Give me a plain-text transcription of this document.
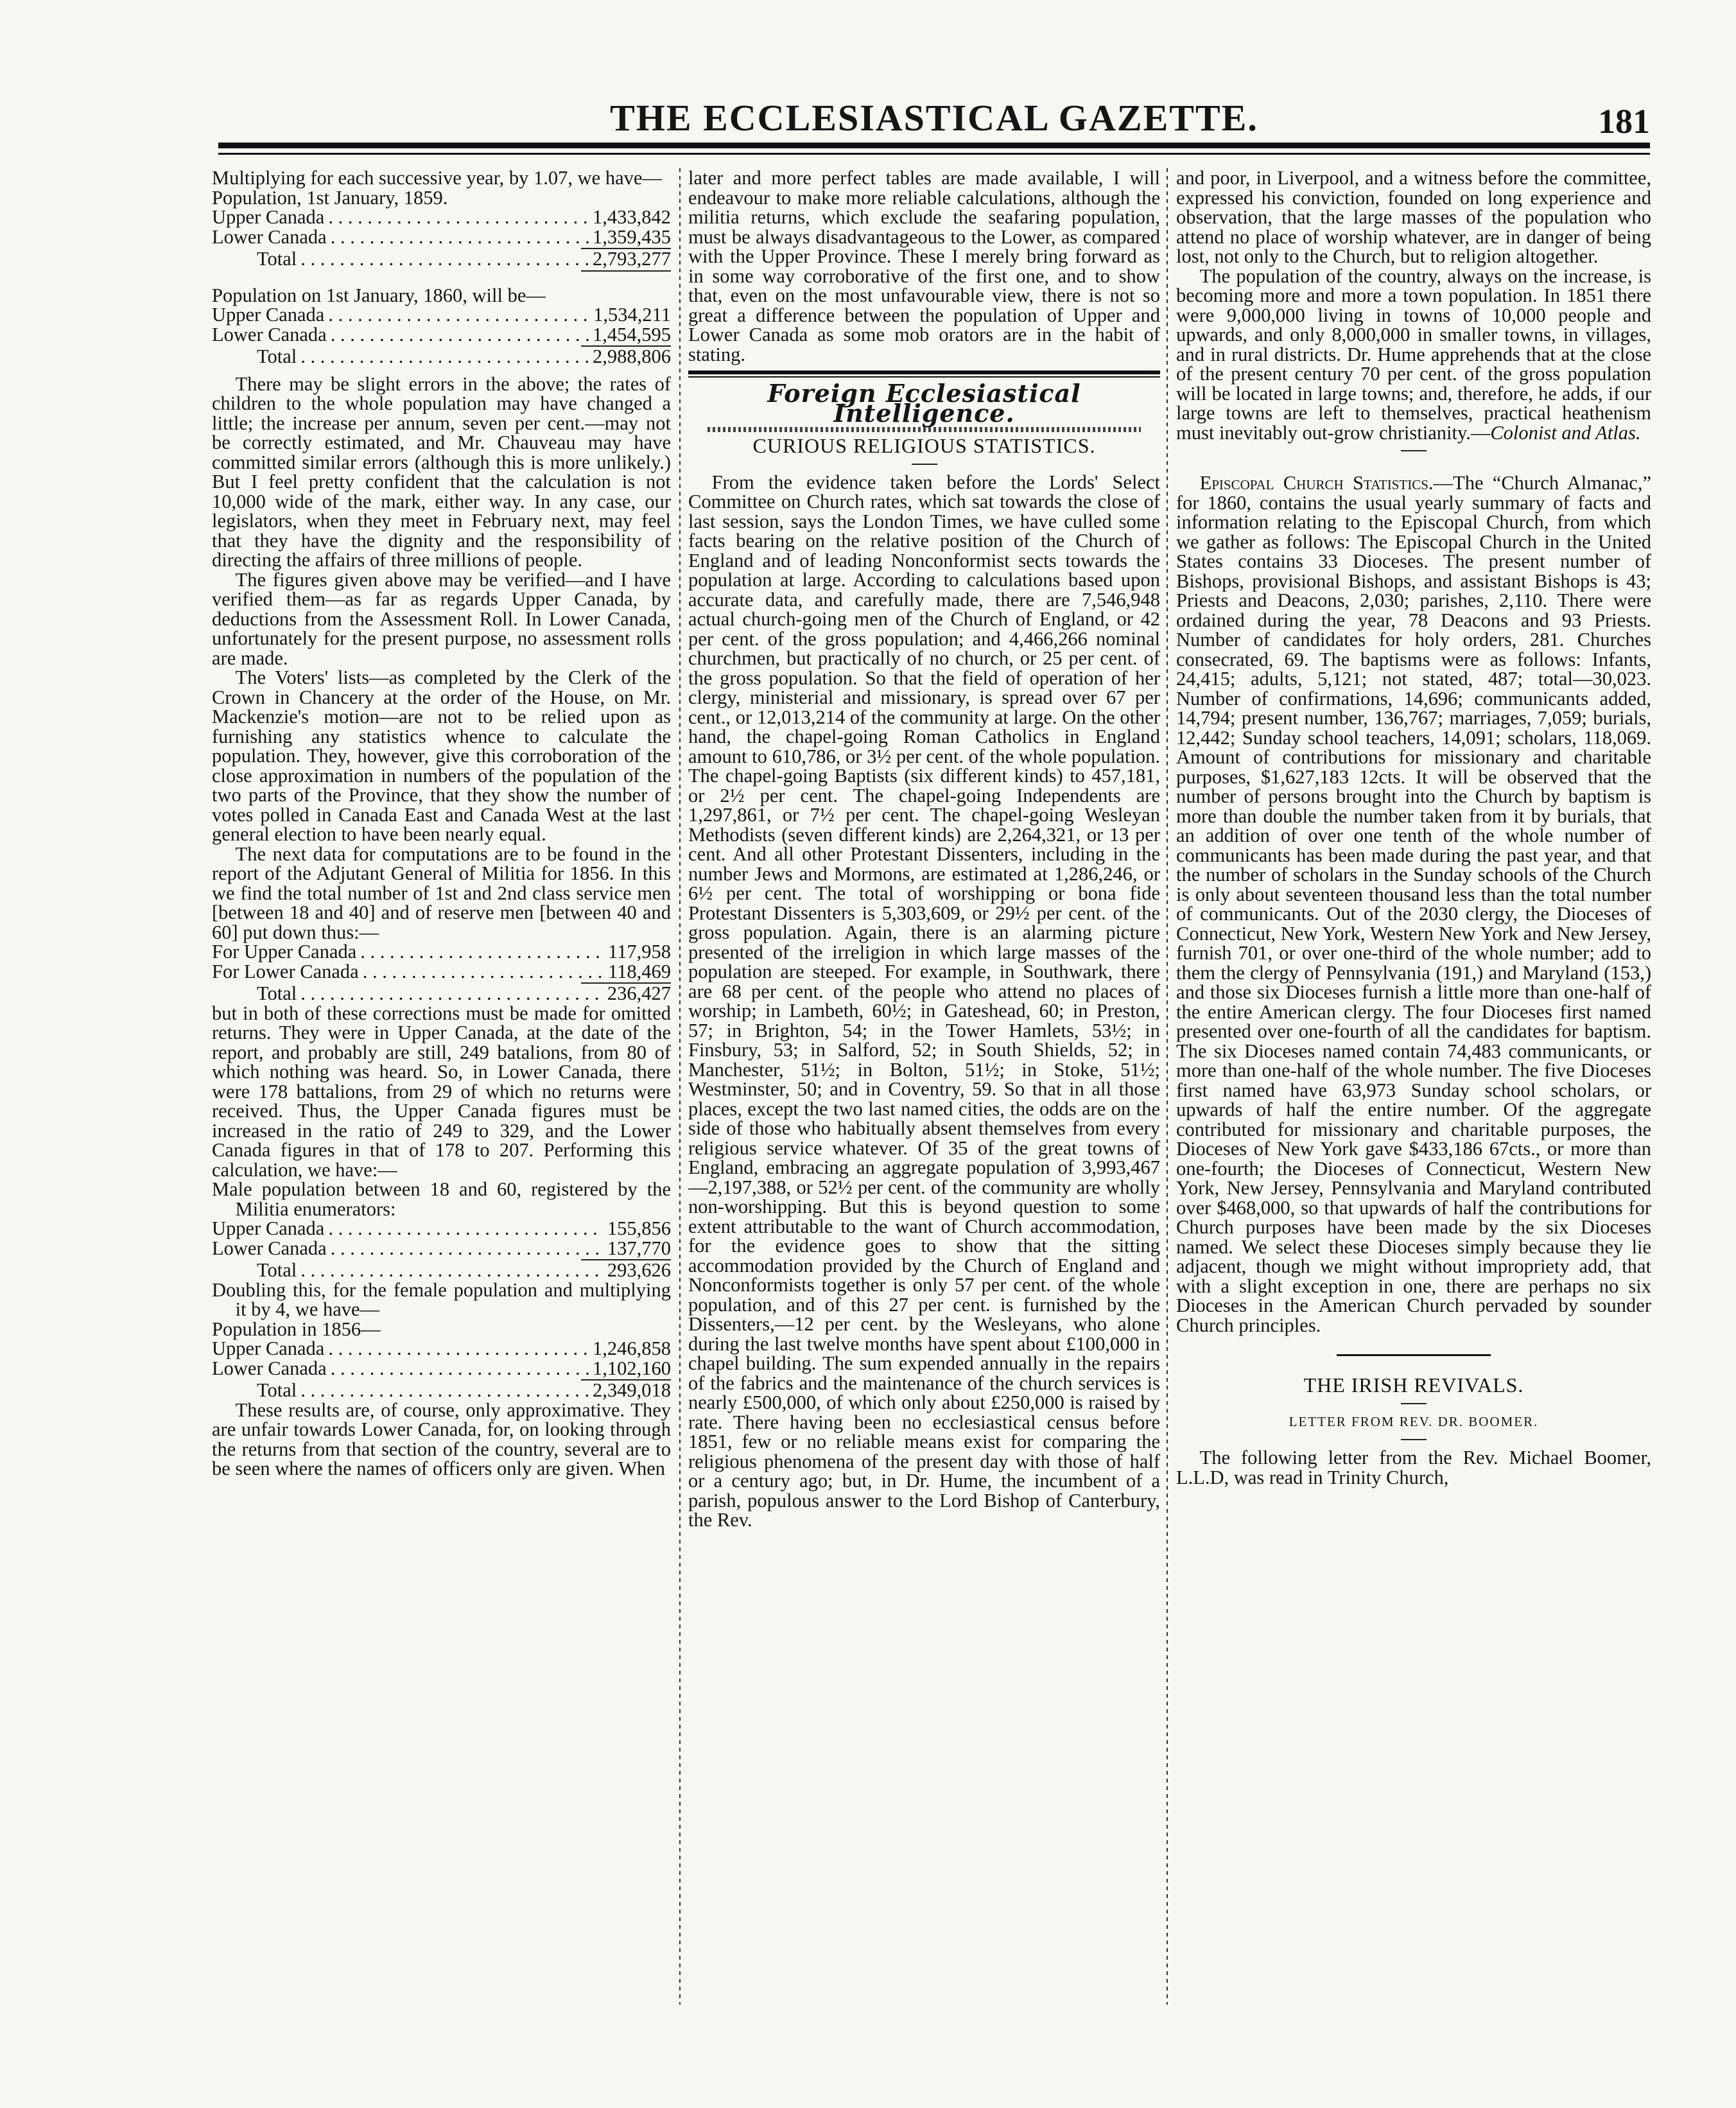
THE ECCLESIASTICAL GAZETTE.	181

Multiplying for each successive year, by 1.07, we have—

Population, 1st January, 1859.

Upper Canada . . .	1,433,842
Lower Canada . . .	1,359,435
Total . . .	2,793,277

Population on 1st January, 1860, will be—

Upper Canada . . .	1,534,211
Lower Canada . . .	1,454,595
Total . . .	2,988,806

There may be slight errors in the above; the rates of children to the whole population may have changed a little; the increase per annum, seven per cent.—may not be correctly estimated, and Mr. Chauveau may have committed similar errors (although this is more unlikely.) But I feel pretty confident that the calculation is not 10,000 wide of the mark, either way. In any case, our legislators, when they meet in February next, may feel that they have the dignity and the responsibility of directing the affairs of three millions of people.

The figures given above may be verified—and I have verified them—as far as regards Upper Canada, by deductions from the Assessment Roll. In Lower Canada, unfortunately for the present purpose, no assessment rolls are made.

The Voters' lists—as completed by the Clerk of the Crown in Chancery at the order of the House, on Mr. Mackenzie's motion—are not to be relied upon as furnishing any statistics whence to calculate the population. They, however, give this corroboration of the close approximation in numbers of the population of the two parts of the Province, that they show the number of votes polled in Canada East and Canada West at the last general election to have been nearly equal.

The next data for computations are to be found in the report of the Adjutant General of Militia for 1856. In this we find the total number of 1st and 2nd class service men [between 18 and 40] and of reserve men [between 40 and 60] put down thus:—

For Upper Canada . . .	117,958
For Lower Canada . . .	118,469
Total . . .	236,427

but in both of these corrections must be made for omitted returns. They were in Upper Canada, at the date of the report, and probably are still, 249 batalions, from 80 of which nothing was heard. So, in Lower Canada, there were 178 battalions, from 29 of which no returns were received. Thus, the Upper Canada figures must be increased in the ratio of 249 to 329, and the Lower Canada figures in that of 178 to 207. Performing this calculation, we have:—

Male population between 18 and 60, registered by the Militia enumerators:

Upper Canada . . .	155,856
Lower Canada . . .	137,770
Total . . .	293,626

Doubling this, for the female population and multiplying it by 4, we have—

Population in 1856—

Upper Canada . . .	1,246,858
Lower Canada . . .	1,102,160
Total . . .	2,349,018

These results are, of course, only approximative. They are unfair towards Lower Canada, for, on looking through the returns from that section of the country, several are to be seen where the names of officers only are given. When

later and more perfect tables are made available, I will endeavour to make more reliable calculations, although the militia returns, which exclude the seafaring population, must be always disadvantageous to the Lower, as compared with the Upper Province. These I merely bring forward as in some way corroborative of the first one, and to show that, even on the most unfavourable view, there is not so great a difference between the population of Upper and Lower Canada as some mob orators are in the habit of stating.

Foreign Ecclesiastical Intelligence.
CURIOUS RELIGIOUS STATISTICS.

From the evidence taken before the Lords' Select Committee on Church rates, which sat towards the close of last session, says the London Times, we have culled some facts bearing on the relative position of the Church of England and of leading Nonconformist sects towards the population at large. According to calculations based upon accurate data, and carefully made, there are 7,546,948 actual church-going men of the Church of England, or 42 per cent. of the gross population; and 4,466,266 nominal churchmen, but practically of no church, or 25 per cent. of the gross population. So that the field of operation of her clergy, ministerial and missionary, is spread over 67 per cent., or 12,013,214 of the community at large. On the other hand, the chapel-going Roman Catholics in England amount to 610,786, or 3½ per cent. of the whole population. The chapel-going Baptists (six different kinds) to 457,181, or 2½ per cent. The chapel-going Independents are 1,297,861, or 7½ per cent. The chapel-going Wesleyan Methodists (seven different kinds) are 2,264,321, or 13 per cent. And all other Protestant Dissenters, including in the number Jews and Mormons, are estimated at 1,286,246, or 6½ per cent. The total of worshipping or bona fide Protestant Dissenters is 5,303,609, or 29½ per cent. of the gross population. Again, there is an alarming picture presented of the irreligion in which large masses of the population are steeped. For example, in Southwark, there are 68 per cent. of the people who attend no places of worship; in Lambeth, 60½; in Gateshead, 60; in Preston, 57; in Brighton, 54; in the Tower Hamlets, 53½; in Finsbury, 53; in Salford, 52; in South Shields, 52; in Manchester, 51½; in Bolton, 51½; in Stoke, 51½; Westminster, 50; and in Coventry, 59. So that in all those places, except the two last named cities, the odds are on the side of those who habitually absent themselves from every religious service whatever. Of 35 of the great towns of England, embracing an aggregate population of 3,993,467—2,197,388, or 52½ per cent. of the community are wholly non-worshipping. But this is beyond question to some extent attributable to the want of Church accommodation, for the evidence goes to show that the sitting accommodation provided by the Church of England and Nonconformists together is only 57 per cent. of the whole population, and of this 27 per cent. is furnished by the Dissenters,—12 per cent. by the Wesleyans, who alone during the last twelve months have spent about £100,000 in chapel building. The sum expended annually in the repairs of the fabrics and the maintenance of the church services is nearly £500,000, of which only about £250,000 is raised by rate. There having been no ecclesiastical census before 1851, few or no reliable means exist for comparing the religious phenomena of the present day with those of half or a century ago; but, in Dr. Hume, the incumbent of a parish, populous answer to the Lord Bishop of Canterbury, the Rev.

and poor, in Liverpool, and a witness before the committee, expressed his conviction, founded on long experience and observation, that the large masses of the population who attend no place of worship whatever, are in danger of being lost, not only to the Church, but to religion altogether.

The population of the country, always on the increase, is becoming more and more a town population. In 1851 there were 9,000,000 living in towns of 10,000 people and upwards, and only 8,000,000 in smaller towns, in villages, and in rural districts. Dr. Hume apprehends that at the close of the present century 70 per cent. of the gross population will be located in large towns; and, therefore, he adds, if our large towns are left to themselves, practical heathenism must inevitably out-grow christianity.—Colonist and Atlas.

Episcopal Church Statistics.—The “Church Almanac,” for 1860, contains the usual yearly summary of facts and information relating to the Episcopal Church, from which we gather as follows: The Episcopal Church in the United States contains 33 Dioceses. The present number of Bishops, provisional Bishops, and assistant Bishops is 43; Priests and Deacons, 2,030; parishes, 2,110. There were ordained during the year, 78 Deacons and 93 Priests. Number of candidates for holy orders, 281. Churches consecrated, 69. The baptisms were as follows: Infants, 24,415; adults, 5,121; not stated, 487; total—30,023. Number of confirmations, 14,696; communicants added, 14,794; present number, 136,767; marriages, 7,059; burials, 12,442; Sunday school teachers, 14,091; scholars, 118,069. Amount of contributions for missionary and charitable purposes, $1,627,183 12cts. It will be observed that the number of persons brought into the Church by baptism is more than double the number taken from it by burials, that an addition of over one tenth of the whole number of communicants has been made during the past year, and that the number of scholars in the Sunday schools of the Church is only about seventeen thousand less than the total number of communicants. Out of the 2030 clergy, the Dioceses of Connecticut, New York, Western New York and New Jersey, furnish 701, or over one-third of the whole number; add to them the clergy of Pennsylvania (191,) and Maryland (153,) and those six Dioceses furnish a little more than one-half of the entire American clergy. The four Dioceses first named presented over one-fourth of all the candidates for baptism. The six Dioceses named contain 74,483 communicants, or more than one-half of the whole number. The five Dioceses first named have 63,973 Sunday school scholars, or upwards of half the entire number. Of the aggregate contributed for missionary and charitable purposes, the Dioceses of New York gave $433,186 67cts., or more than one-fourth; the Dioceses of Connecticut, Western New York, New Jersey, Pennsylvania and Maryland contributed over $468,000, so that upwards of half the contributions for Church purposes have been made by the six Dioceses named. We select these Dioceses simply because they lie adjacent, though we might without impropriety add, that with a slight exception in one, there are perhaps no six Dioceses in the American Church pervaded by sounder Church principles.

THE IRISH REVIVALS.
LETTER FROM REV. DR. BOOMER.

The following letter from the Rev. Michael Boomer, L.L.D, was read in Trinity Church,
